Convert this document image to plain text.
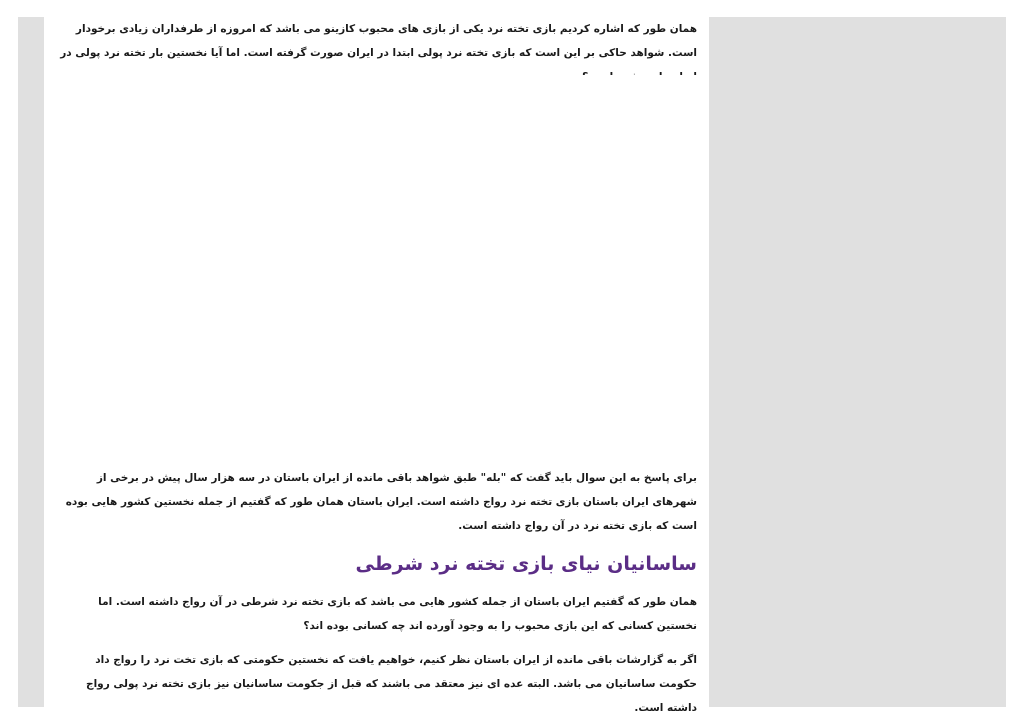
همان طور که اشاره کردیم بازی تخته نرد یکی از بازی های محبوب کازینو می باشد که امروزه از طرفداران زیادی برخودار است. شواهد حاکی بر این است که بازی تخته نرد پولی ابتدا در ایران صورت گرفته است. اما آیا نخستین بار تخته نرد پولی در

برای پاسخ به این سوال باید گفت که "بله" طبق شواهد باقی مانده از ایران باستان در سه هزار سال پیش در برخی از شهرهای ایران باستان بازی تخته نرد رواج داشته است. ایران باستان همان طور که گفتیم از جمله نخستین کشور هایی بوده است که بازی تخته نرد در آن رواج داشته است.

ساسانیان نیای بازی تخته نرد شرطی

همان طور که گفتیم ایران باستان از جمله کشور هایی می باشد که بازی تخته نرد شرطی در آن رواج داشته است. اما نخستین کسانی که این بازی محبوب را به وجود آورده اند چه کسانی بوده اند؟

اگر به گزارشات باقی مانده از ایران باستان نظر کنیم، خواهیم یافت که نخستین حکومتی که بازی تخت نرد را رواج داد حکومت ساسانیان می باشد. البته عده ای نیز معتقد می باشند که قبل از جکومت ساسانیان نیز بازی تخته نرد پولی رواج داشته است.
